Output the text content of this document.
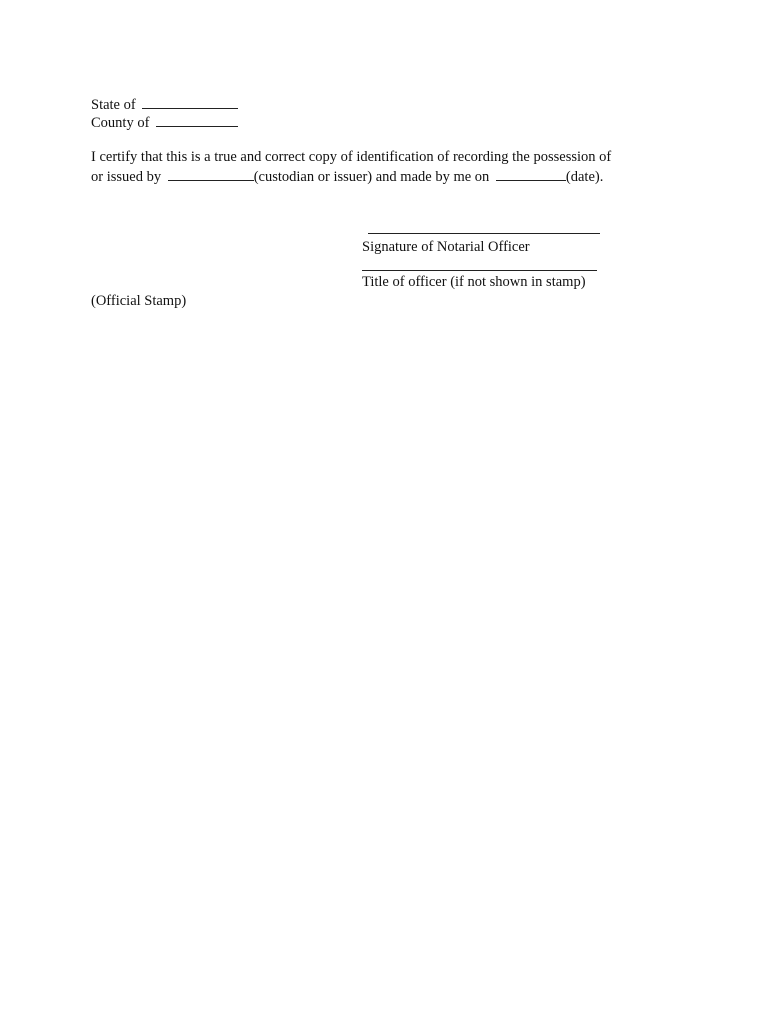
State of
County of
I certify that this is a true and correct copy of identification of recording the possession of
or issued by	(custodian or issuer) and made by me on	(date).
Signature of Notarial Officer
Title of officer (if not shown in stamp)
(Official Stamp)
